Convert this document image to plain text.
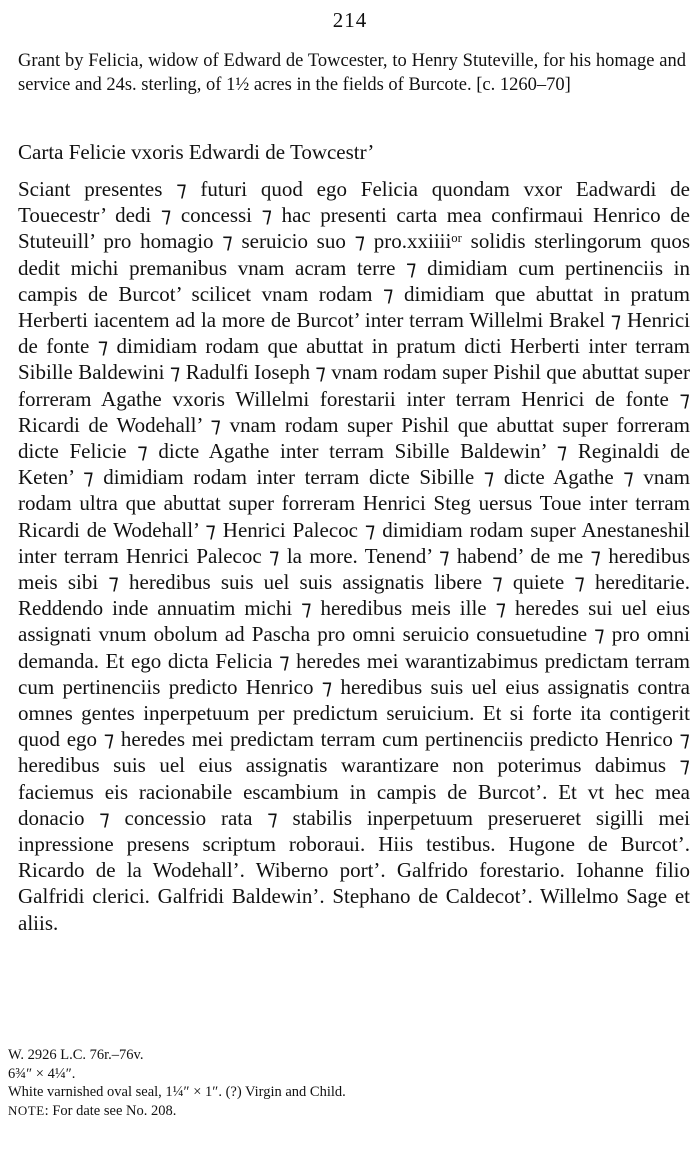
214
Grant by Felicia, widow of Edward de Towcester, to Henry Stuteville, for his homage and service and 24s. sterling, of 1½ acres in the fields of Burcote. [c. 1260–70]
Carta Felicie vxoris Edwardi de Towcestr’
Sciant presentes ⁊ futuri quod ego Felicia quondam vxor Eadwardi de Touecestr’ dedi ⁊ concessi ⁊ hac presenti carta mea confirmaui Henrico de Stuteuill’ pro homagio ⁊ seruicio suo ⁊ pro.xxiiiiᵒʳ solidis sterlingorum quos dedit michi premanibus vnam acram terre ⁊ dimidiam cum pertinenciis in campis de Burcot’ scilicet vnam rodam ⁊ dimidiam que abuttat in pratum Herberti iacentem ad la more de Burcot’ inter terram Willelmi Brakel ⁊ Henrici de fonte ⁊ dimidiam rodam que abuttat in pratum dicti Herberti inter terram Sibille Baldewini ⁊ Radulfi Ioseph ⁊ vnam rodam super Pishil que abuttat super forreram Agathe vxoris Willelmi forestarii inter terram Henrici de fonte ⁊ Ricardi de Wodehall’ ⁊ vnam rodam super Pishil que abuttat super forreram dicte Felicie ⁊ dicte Agathe inter terram Sibille Baldewin’ ⁊ Reginaldi de Keten’ ⁊ dimidiam rodam inter terram dicte Sibille ⁊ dicte Agathe ⁊ vnam rodam ultra que abuttat super forreram Henrici Steg uersus Toue inter terram Ricardi de Wodehall’ ⁊ Henrici Palecoc ⁊ dimidiam rodam super Anestaneshil inter terram Henrici Palecoc ⁊ la more. Tenend’ ⁊ habend’ de me ⁊ heredibus meis sibi ⁊ heredibus suis uel suis assignatis libere ⁊ quiete ⁊ hereditarie. Reddendo inde annuatim michi ⁊ heredibus meis ille ⁊ heredes sui uel eius assignati vnum obolum ad Pascha pro omni seruicio consuetudine ⁊ pro omni demanda. Et ego dicta Felicia ⁊ heredes mei warantizabimus predictam terram cum pertinenciis predicto Henrico ⁊ heredibus suis uel eius assignatis contra omnes gentes inperpetuum per predictum seruicium. Et si forte ita contigerit quod ego ⁊ heredes mei predictam terram cum pertinenciis predicto Henrico ⁊ heredibus suis uel eius assignatis warantizare non poterimus dabimus ⁊ faciemus eis racionabile escambium in campis de Burcot’. Et vt hec mea donacio ⁊ concessio rata ⁊ stabilis inperpetuum preserueret sigilli mei inpressione presens scriptum roboraui. Hiis testibus. Hugone de Burcot’. Ricardo de la Wodehall’. Wiberno port’. Galfrido forestario. Iohanne filio Galfridi clerici. Galfridi Baldewin’. Stephano de Caldecot’. Willelmo Sage et aliis.
W. 2926 L.C. 76r.–76v.
6¾″ × 4¼″.
White varnished oval seal, 1¼″ × 1″. (?) Virgin and Child.
NOTE: For date see No. 208.
